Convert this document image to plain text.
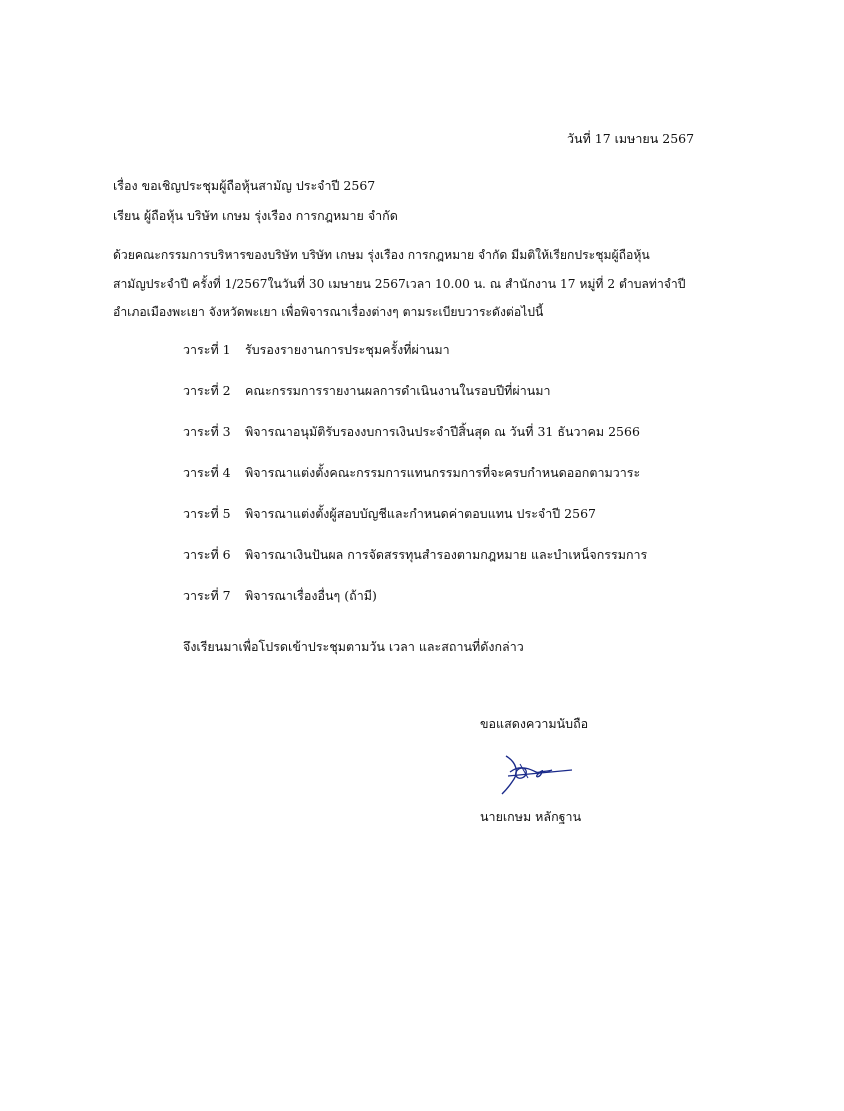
วันที่ 17 เมษายน 2567
เรื่อง ขอเชิญประชุมผู้ถือหุ้นสามัญ ประจำปี 2567
เรียน ผู้ถือหุ้น บริษัท เกษม รุ่งเรือง การกฎหมาย จำกัด
ด้วยคณะกรรมการบริหารของบริษัท บริษัท เกษม รุ่งเรือง การกฎหมาย จำกัด มีมติให้เรียกประชุมผู้ถือหุ้น
สามัญประจำปี ครั้งที่ 1/2567ในวันที่ 30 เมษายน 2567เวลา 10.00 น. ณ สำนักงาน 17 หมู่ที่ 2 ตำบลท่าจำปี
อำเภอเมืองพะเยา จังหวัดพะเยา เพื่อพิจารณาเรื่องต่างๆ ตามระเบียบวาระดังต่อไปนี้
วาระที่ 1	รับรองรายงานการประชุมครั้งที่ผ่านมา
วาระที่ 2	คณะกรรมการรายงานผลการดำเนินงานในรอบปีที่ผ่านมา
วาระที่ 3	พิจารณาอนุมัติรับรองงบการเงินประจำปีสิ้นสุด ณ วันที่ 31 ธันวาคม 2566
วาระที่ 4	พิจารณาแต่งตั้งคณะกรรมการแทนกรรมการที่จะครบกำหนดออกตามวาระ
วาระที่ 5	พิจารณาแต่งตั้งผู้สอบบัญชีและกำหนดค่าตอบแทน ประจำปี 2567
วาระที่ 6	พิจารณาเงินปันผล การจัดสรรทุนสำรองตามกฎหมาย และบำเหน็จกรรมการ
วาระที่ 7	พิจารณาเรื่องอื่นๆ (ถ้ามี)
จึงเรียนมาเพื่อโปรดเข้าประชุมตามวัน เวลา และสถานที่ดังกล่าว
ขอแสดงความนับถือ
นายเกษม หลักฐาน
